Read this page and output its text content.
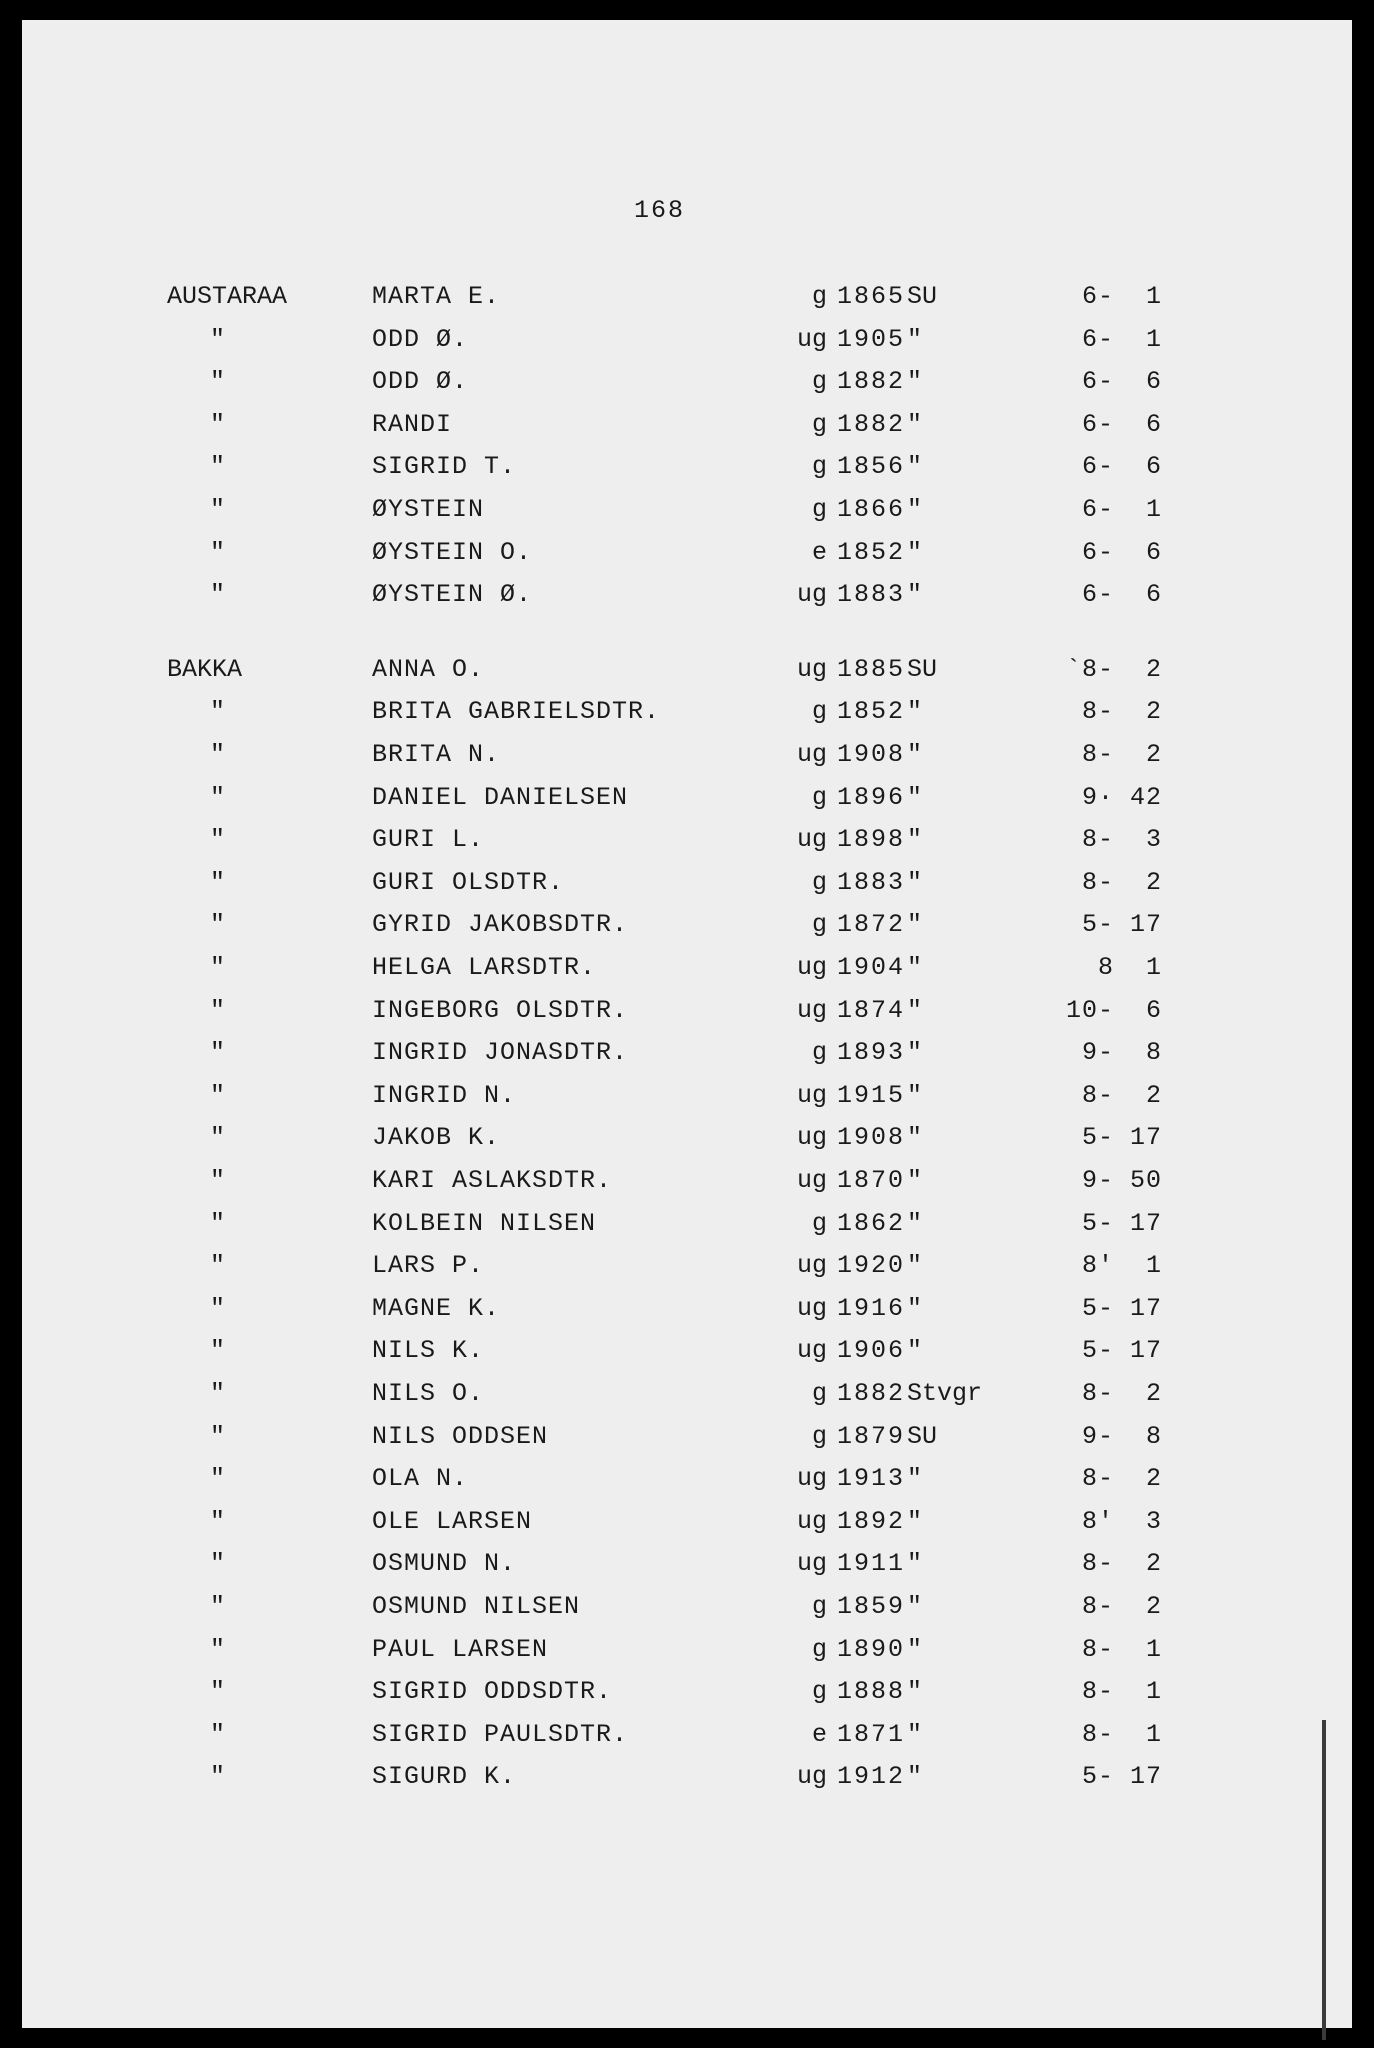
168
AUSTARAA	MARTA E.	g 1865 SU	6-  1
"	ODD Ø.	ug 1905 "	6-  1
"	ODD Ø.	g 1882 "	6-  6
"	RANDI	g 1882 "	6-  6
"	SIGRID T.	g 1856 "	6-  6
"	ØYSTEIN	g 1866 "	6-  1
"	ØYSTEIN O.	e 1852 "	6-  6
"	ØYSTEIN Ø.	ug 1883 "	6-  6
BAKKA	ANNA O.	ug 1885 SU	`8-  2
"	BRITA GABRIELSDTR.	g 1852 "	8-  2
"	BRITA N.	ug 1908 "	8-  2
"	DANIEL DANIELSEN	g 1896 "	9· 42
"	GURI L.	ug 1898 "	8-  3
"	GURI OLSDTR.	g 1883 "	8-  2
"	GYRID JAKOBSDTR.	g 1872 "	5- 17
"	HELGA LARSDTR.	ug 1904 "	8  1
"	INGEBORG OLSDTR.	ug 1874 "	10-  6
"	INGRID JONASDTR.	g 1893 "	9-  8
"	INGRID N.	ug 1915 "	8-  2
"	JAKOB K.	ug 1908 "	5- 17
"	KARI ASLAKSDTR.	ug 1870 "	9- 50
"	KOLBEIN NILSEN	g 1862 "	5- 17
"	LARS P.	ug 1920 "	8'  1
"	MAGNE K.	ug 1916 "	5- 17
"	NILS K.	ug 1906 "	5- 17
"	NILS O.	g 1882 Stvgr	8-  2
"	NILS ODDSEN	g 1879 SU	9-  8
"	OLA N.	ug 1913 "	8-  2
"	OLE LARSEN	ug 1892 "	8'  3
"	OSMUND N.	ug 1911 "	8-  2
"	OSMUND NILSEN	g 1859 "	8-  2
"	PAUL LARSEN	g 1890 "	8-  1
"	SIGRID ODDSDTR.	g 1888 "	8-  1
"	SIGRID PAULSDTR.	e 1871 "	8-  1
"	SIGURD K.	ug 1912 "	5- 17
